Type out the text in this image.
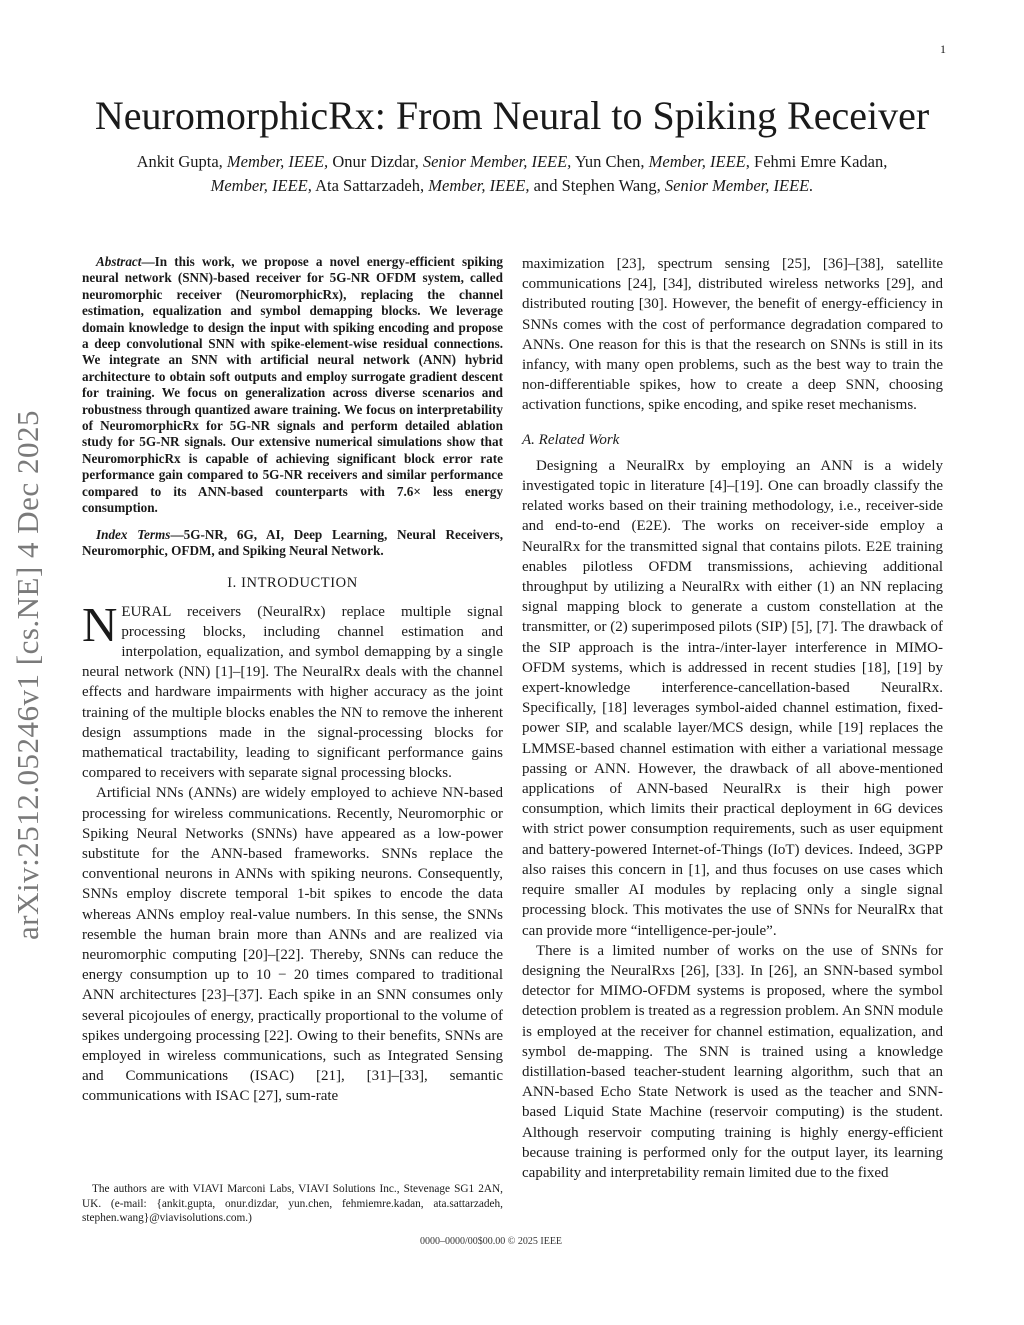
1
arXiv:2512.05246v1 [cs.NE] 4 Dec 2025
NeuromorphicRx: From Neural to Spiking Receiver
Ankit Gupta, Member, IEEE, Onur Dizdar, Senior Member, IEEE, Yun Chen, Member, IEEE, Fehmi Emre Kadan, Member, IEEE, Ata Sattarzadeh, Member, IEEE, and Stephen Wang, Senior Member, IEEE.

Abstract—In this work, we propose a novel energy-efficient spiking neural network (SNN)-based receiver for 5G-NR OFDM system, called neuromorphic receiver (NeuromorphicRx), replacing the channel estimation, equalization and symbol demapping blocks. We leverage domain knowledge to design the input with spiking encoding and propose a deep convolutional SNN with spike-element-wise residual connections. We integrate an SNN with artificial neural network (ANN) hybrid architecture to obtain soft outputs and employ surrogate gradient descent for training. We focus on generalization across diverse scenarios and robustness through quantized aware training. We focus on interpretability of NeuromorphicRx for 5G-NR signals and perform detailed ablation study for 5G-NR signals. Our extensive numerical simulations show that NeuromorphicRx is capable of achieving significant block error rate performance gain compared to 5G-NR receivers and similar performance compared to its ANN-based counterparts with 7.6× less energy consumption.

Index Terms—5G-NR, 6G, AI, Deep Learning, Neural Receivers, Neuromorphic, OFDM, and Spiking Neural Network.

I. INTRODUCTION

NEURAL receivers (NeuralRx) replace multiple signal processing blocks, including channel estimation and interpolation, equalization, and symbol demapping by a single neural network (NN) [1]–[19]. The NeuralRx deals with the channel effects and hardware impairments with higher accuracy as the joint training of the multiple blocks enables the NN to remove the inherent design assumptions made in the signal-processing blocks for mathematical tractability, leading to significant performance gains compared to receivers with separate signal processing blocks.

Artificial NNs (ANNs) are widely employed to achieve NN-based processing for wireless communications. Recently, Neuromorphic or Spiking Neural Networks (SNNs) have appeared as a low-power substitute for the ANN-based frameworks. SNNs replace the conventional neurons in ANNs with spiking neurons. Consequently, SNNs employ discrete temporal 1-bit spikes to encode the data whereas ANNs employ real-value numbers. In this sense, the SNNs resemble the human brain more than ANNs and are realized via neuromorphic computing [20]–[22]. Thereby, SNNs can reduce the energy consumption up to 10 − 20 times compared to traditional ANN architectures [23]–[37]. Each spike in an SNN consumes only several picojoules of energy, practically proportional to the volume of spikes undergoing processing [22]. Owing to their benefits, SNNs are employed in wireless communications, such as Integrated Sensing and Communications (ISAC) [21], [31]–[33], semantic communications with ISAC [27], sum-rate

The authors are with VIAVI Marconi Labs, VIAVI Solutions Inc., Stevenage SG1 2AN, UK. (e-mail: {ankit.gupta, onur.dizdar, yun.chen, fehmiemre.kadan, ata.sattarzadeh, stephen.wang}@viavisolutions.com.)

maximization [23], spectrum sensing [25], [36]–[38], satellite communications [24], [34], distributed wireless networks [29], and distributed routing [30]. However, the benefit of energy-efficiency in SNNs comes with the cost of performance degradation compared to ANNs. One reason for this is that the research on SNNs is still in its infancy, with many open problems, such as the best way to train the non-differentiable spikes, how to create a deep SNN, choosing activation functions, spike encoding, and spike reset mechanisms.

A. Related Work

Designing a NeuralRx by employing an ANN is a widely investigated topic in literature [4]–[19]. One can broadly classify the related works based on their training methodology, i.e., receiver-side and end-to-end (E2E). The works on receiver-side employ a NeuralRx for the transmitted signal that contains pilots. E2E training enables pilotless OFDM transmissions, achieving additional throughput by utilizing a NeuralRx with either (1) an NN replacing signal mapping block to generate a custom constellation at the transmitter, or (2) superimposed pilots (SIP) [5], [7]. The drawback of the SIP approach is the intra-/inter-layer interference in MIMO-OFDM systems, which is addressed in recent studies [18], [19] by expert-knowledge interference-cancellation-based NeuralRx. Specifically, [18] leverages symbol-aided channel estimation, fixed-power SIP, and scalable layer/MCS design, while [19] replaces the LMMSE-based channel estimation with either a variational message passing or ANN. However, the drawback of all above-mentioned applications of ANN-based NeuralRx is their high power consumption, which limits their practical deployment in 6G devices with strict power consumption requirements, such as user equipment and battery-powered Internet-of-Things (IoT) devices. Indeed, 3GPP also raises this concern in [1], and thus focuses on use cases which require smaller AI modules by replacing only a single signal processing block. This motivates the use of SNNs for NeuralRx that can provide more “intelligence-per-joule”.

There is a limited number of works on the use of SNNs for designing the NeuralRxs [26], [33]. In [26], an SNN-based symbol detector for MIMO-OFDM systems is proposed, where the symbol detection problem is treated as a regression problem. An SNN module is employed at the receiver for channel estimation, equalization, and symbol de-mapping. The SNN is trained using a knowledge distillation-based teacher-student learning algorithm, such that an ANN-based Echo State Network is used as the teacher and SNN-based Liquid State Machine (reservoir computing) is the student. Although reservoir computing training is highly energy-efficient because training is performed only for the output layer, its learning capability and interpretability remain limited due to the fixed

0000–0000/00$00.00 © 2025 IEEE
